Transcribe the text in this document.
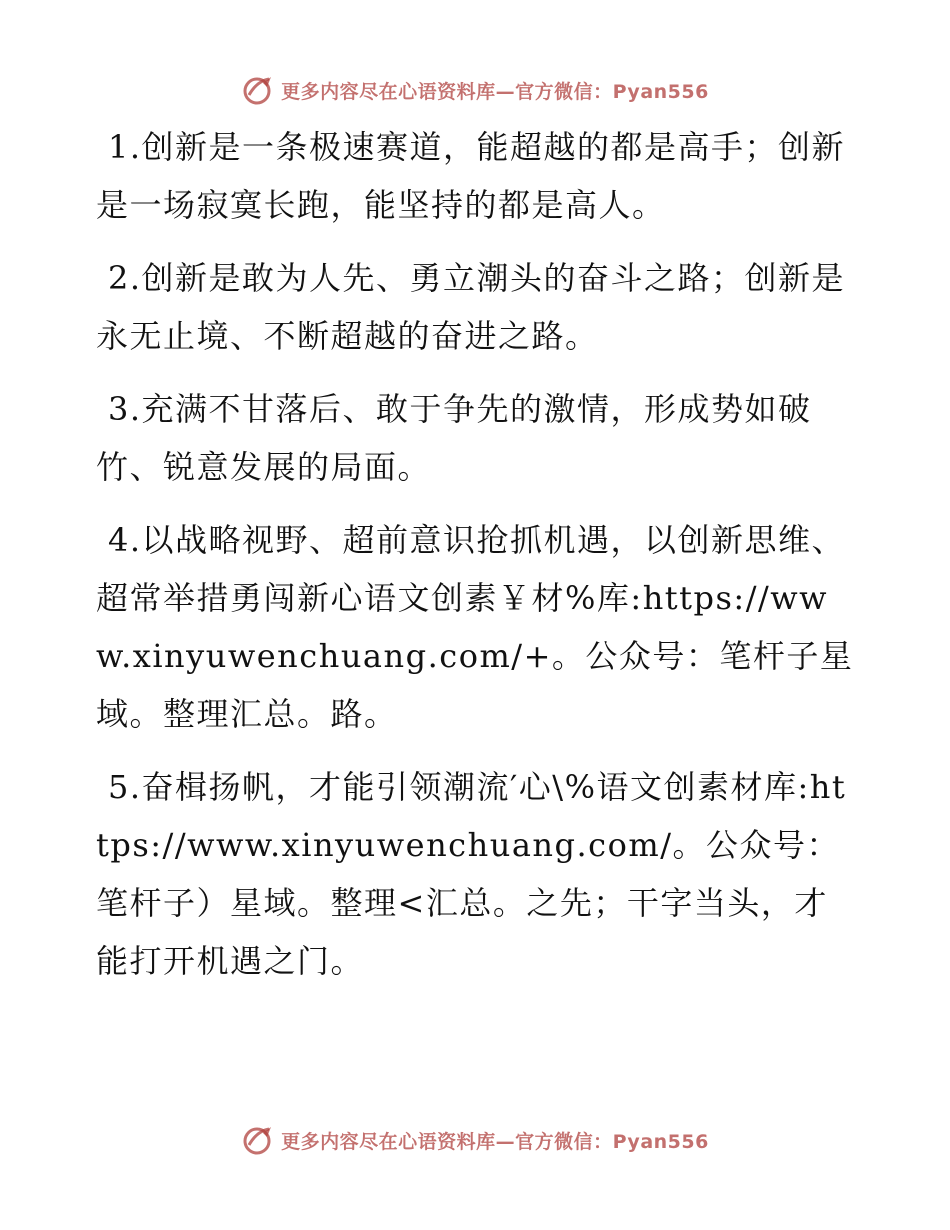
更多内容尽在心语资料库—官方微信：Pyan556

1.创新是一条极速赛道，能超越的都是高手；创新是一场寂寞长跑，能坚持的都是高人。

2.创新是敢为人先、勇立潮头的奋斗之路；创新是永无止境、不断超越的奋进之路。

3.充满不甘落后、敢于争先的激情，形成势如破竹、锐意发展的局面。

4.以战略视野、超前意识抢抓机遇，以创新思维、超常举措勇闯新心语文创素￥材%库:https://www.xinyuwenchuang.com/+。公众号：笔杆子星域。整理汇总。路。

5.奋楫扬帆，才能引领潮流′心\%语文创素材库:https://www.xinyuwenchuang.com/。公众号：笔杆子）星域。整理<汇总。之先；干字当头，才能打开机遇之门。

更多内容尽在心语资料库—官方微信：Pyan556
